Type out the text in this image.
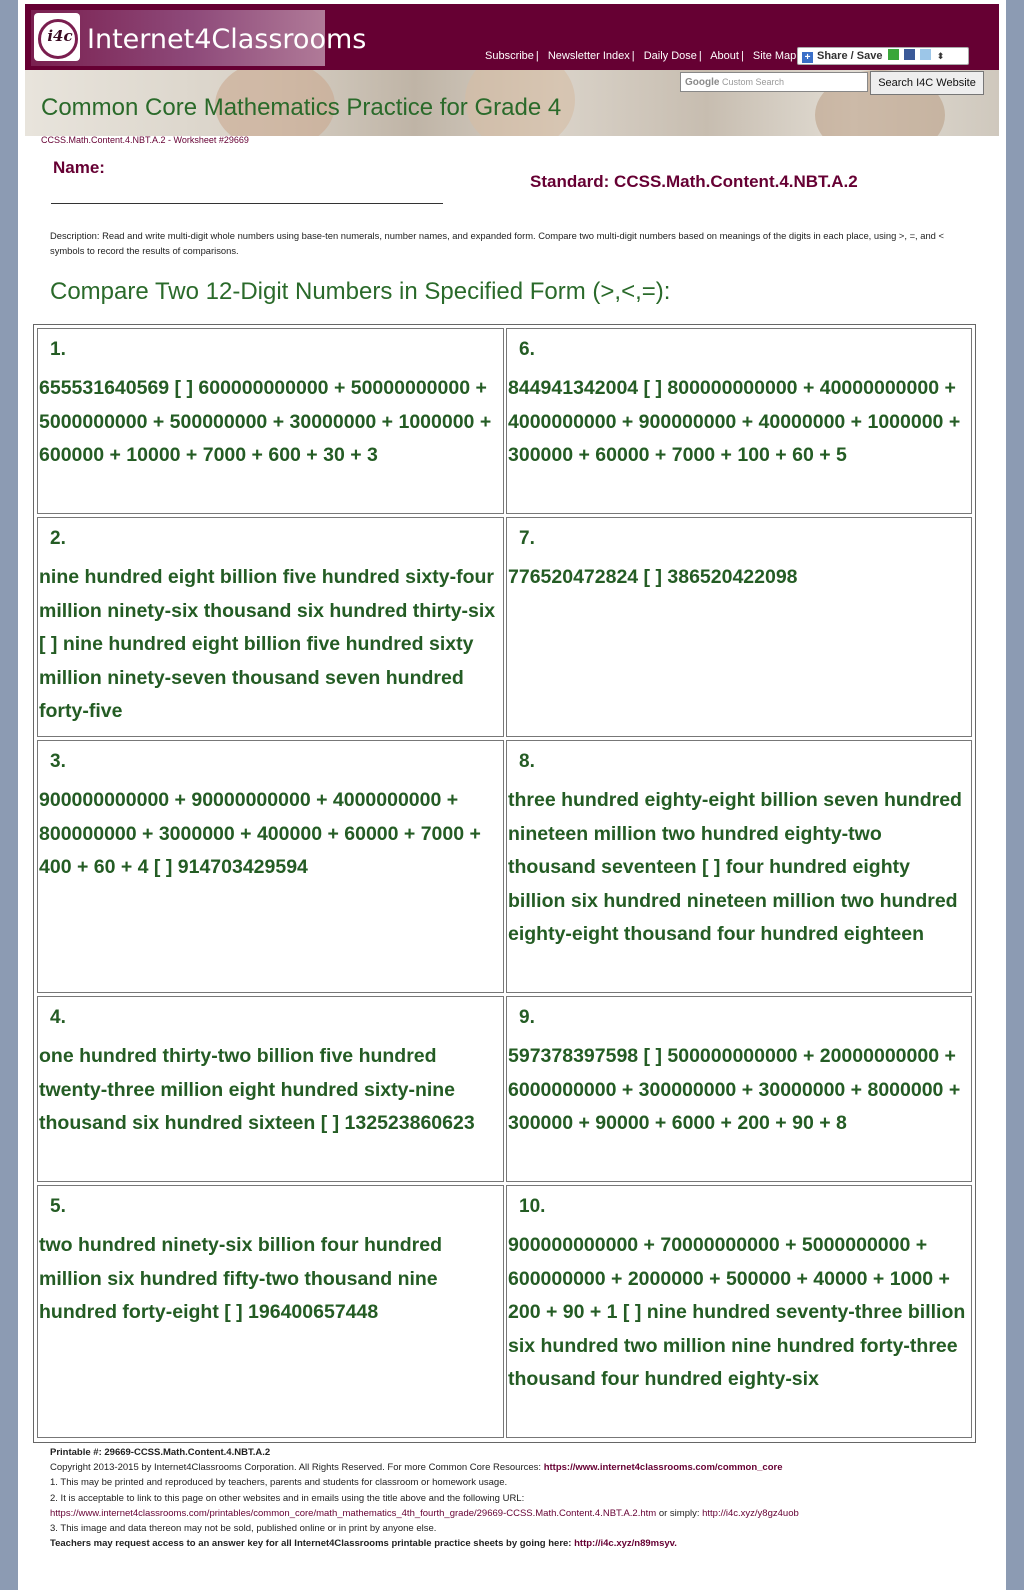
i4c Internet4Classrooms
Subscribe | Newsletter Index | Daily Dose | About | Site Map + Share / Save	⬍
Common Core Mathematics Practice for Grade 4
Google Custom Search	Search I4C Website
CCSS.Math.Content.4.NBT.A.2 - Worksheet #29669
Name:
Standard: CCSS.Math.Content.4.NBT.A.2
Description: Read and write multi-digit whole numbers using base-ten numerals, number names, and expanded form. Compare two multi-digit numbers based on meanings of the digits in each place, using >, =, and < symbols to record the results of comparisons.
Compare Two 12-Digit Numbers in Specified Form (>,<,=):
1.
655531640569 [ ] 600000000000 + 50000000000 + 5000000000 + 500000000 + 30000000 + 1000000 + 600000 + 10000 + 7000 + 600 + 30 + 3
2.
nine hundred eight billion five hundred sixty-four million ninety-six thousand six hundred thirty-six [ ] nine hundred eight billion five hundred sixty million ninety-seven thousand seven hundred forty-five
3.
900000000000 + 90000000000 + 4000000000 + 800000000 + 3000000 + 400000 + 60000 + 7000 + 400 + 60 + 4 [ ] 914703429594
4.
one hundred thirty-two billion five hundred twenty-three million eight hundred sixty-nine thousand six hundred sixteen [ ] 132523860623
5.
two hundred ninety-six billion four hundred million six hundred fifty-two thousand nine hundred forty-eight [ ] 196400657448
6.
844941342004 [ ] 800000000000 + 40000000000 + 4000000000 + 900000000 + 40000000 + 1000000 + 300000 + 60000 + 7000 + 100 + 60 + 5
7.
776520472824 [ ] 386520422098
8.
three hundred eighty-eight billion seven hundred nineteen million two hundred eighty-two thousand seventeen [ ] four hundred eighty billion six hundred nineteen million two hundred eighty-eight thousand four hundred eighteen
9.
597378397598 [ ] 500000000000 + 20000000000 + 6000000000 + 300000000 + 30000000 + 8000000 + 300000 + 90000 + 6000 + 200 + 90 + 8
10.
900000000000 + 70000000000 + 5000000000 + 600000000 + 2000000 + 500000 + 40000 + 1000 + 200 + 90 + 1 [ ] nine hundred seventy-three billion six hundred two million nine hundred forty-three thousand four hundred eighty-six
Printable #: 29669-CCSS.Math.Content.4.NBT.A.2
Copyright 2013-2015 by Internet4Classrooms Corporation. All Rights Reserved. For more Common Core Resources: https://www.internet4classrooms.com/common_core
1. This may be printed and reproduced by teachers, parents and students for classroom or homework usage.
2. It is acceptable to link to this page on other websites and in emails using the title above and the following URL:
https://www.internet4classrooms.com/printables/common_core/math_mathematics_4th_fourth_grade/29669-CCSS.Math.Content.4.NBT.A.2.htm or simply: http://i4c.xyz/y8gz4uob
3. This image and data thereon may not be sold, published online or in print by anyone else.
Teachers may request access to an answer key for all Internet4Classrooms printable practice sheets by going here: http://i4c.xyz/n89msyv.
